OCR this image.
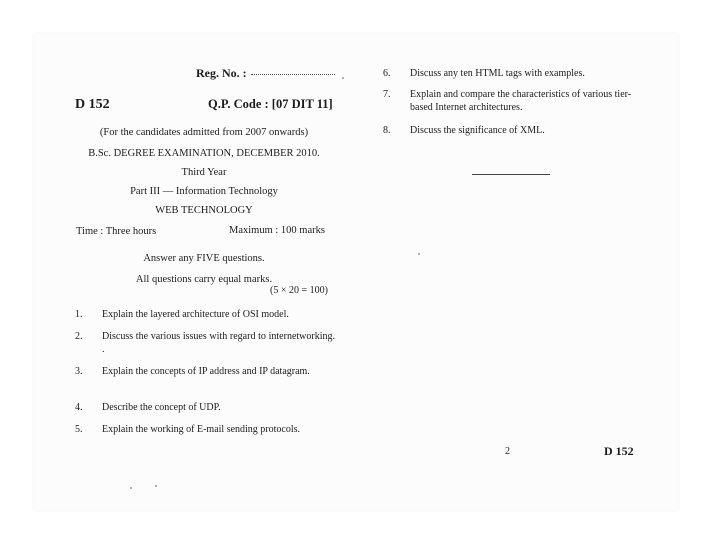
Reg. No. :
D 152	Q.P. Code : [07 DIT 11]
(For the candidates admitted from 2007 onwards)
B.Sc. DEGREE EXAMINATION, DECEMBER 2010.
Third Year
Part III — Information Technology
WEB TECHNOLOGY
Time : Three hours	Maximum : 100 marks
Answer any FIVE questions.
All questions carry equal marks.
(5 × 20 = 100)
1.	Explain the layered architecture of OSI model.
2.	Discuss the various issues with regard to internetworking. .
3.	Explain the concepts of IP address and IP datagram.
4.	Describe the concept of UDP.
5.	Explain the working of E-mail sending protocols.
6.	Discuss any ten HTML tags with examples.
7.	Explain and compare the characteristics of various tier-based Internet architectures.
8.	Discuss the significance of XML.
2	D 152
